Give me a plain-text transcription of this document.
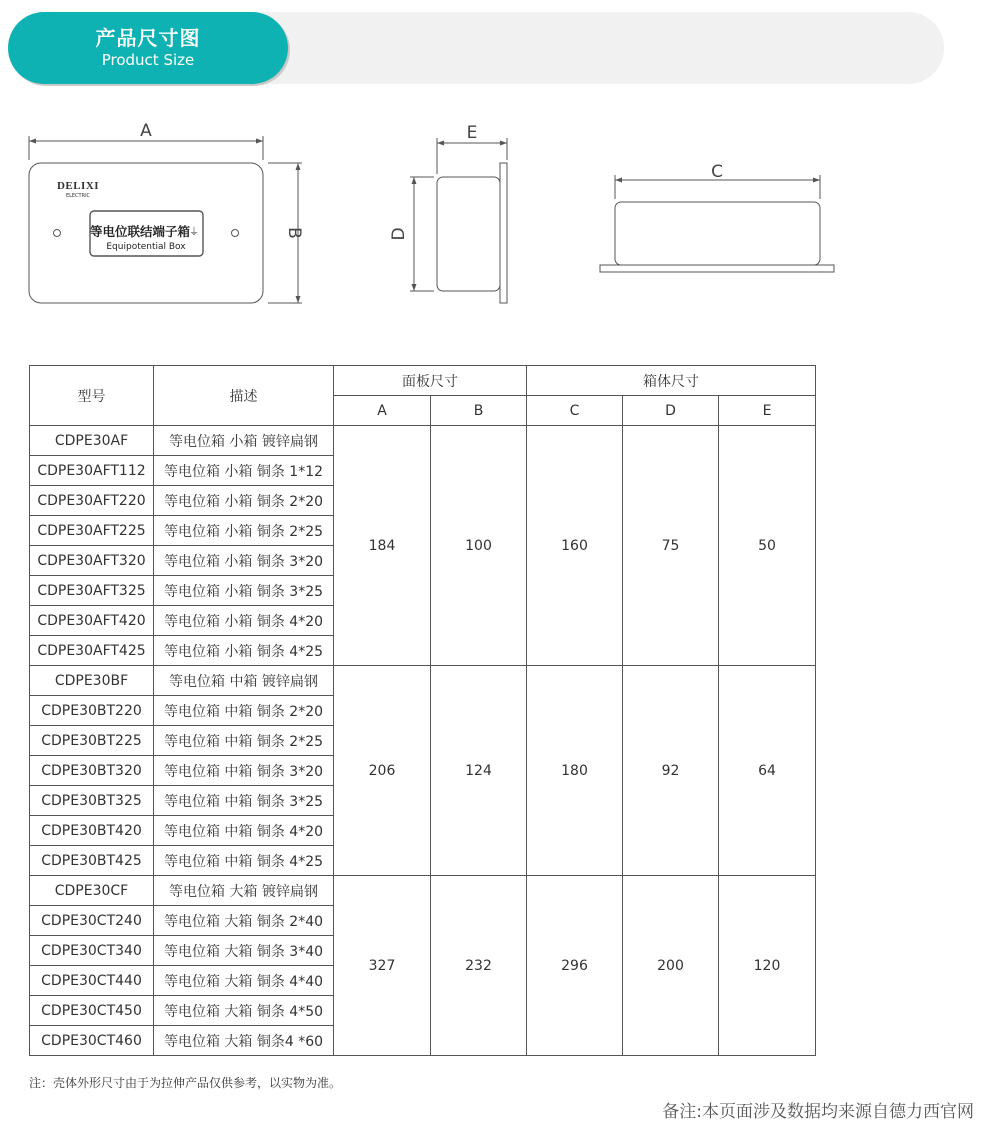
产品尺寸图
Product Size
A
B
E
D
C
DELIXI
ELECTRIC
等电位联结端子箱
⏚
Equipotential Box
型号	描述	面板尺寸		箱体尺寸		
		A	B	C	D	E
CDPE30AF	等电位箱 小箱 镀锌扁钢	184	100	160	75	50
CDPE30AFT112	等电位箱 小箱 铜条 1*12					
CDPE30AFT220	等电位箱 小箱 铜条 2*20					
CDPE30AFT225	等电位箱 小箱 铜条 2*25					
CDPE30AFT320	等电位箱 小箱 铜条 3*20					
CDPE30AFT325	等电位箱 小箱 铜条 3*25					
CDPE30AFT420	等电位箱 小箱 铜条 4*20					
CDPE30AFT425	等电位箱 小箱 铜条 4*25					
CDPE30BF	等电位箱 中箱 镀锌扁钢	206	124	180	92	64
CDPE30BT220	等电位箱 中箱 铜条 2*20					
CDPE30BT225	等电位箱 中箱 铜条 2*25					
CDPE30BT320	等电位箱 中箱 铜条 3*20					
CDPE30BT325	等电位箱 中箱 铜条 3*25					
CDPE30BT420	等电位箱 中箱 铜条 4*20					
CDPE30BT425	等电位箱 中箱 铜条 4*25					
CDPE30CF	等电位箱 大箱 镀锌扁钢	327	232	296	200	120
CDPE30CT240	等电位箱 大箱 铜条 2*40					
CDPE30CT340	等电位箱 大箱 铜条 3*40					
CDPE30CT440	等电位箱 大箱 铜条 4*40					
CDPE30CT450	等电位箱 大箱 铜条 4*50					
CDPE30CT460	等电位箱 大箱 铜条4 *60					
注：壳体外形尺寸由于为拉伸产品仅供参考，以实物为准。
备注:本页面涉及数据均来源自德力西官网
